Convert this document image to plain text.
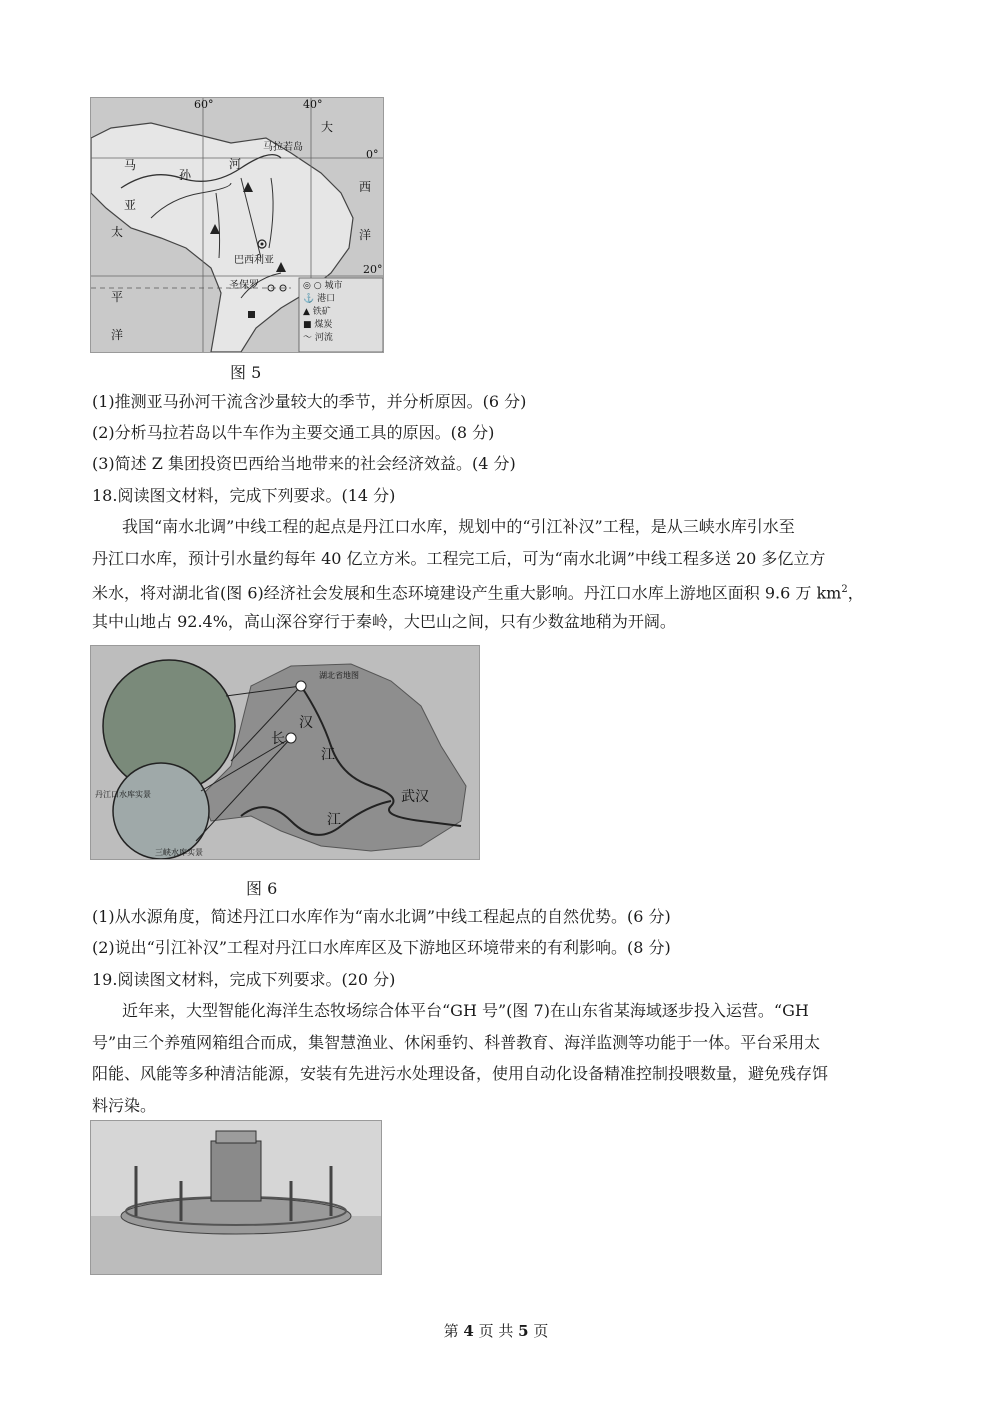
60°	40°
0°
20°
大
西
洋
太
平
洋
马
孙
河
亚
马拉若岛
巴西利亚
圣保罗	◎ ○ 城市
⚓ 港口
▲ 铁矿
■ 煤炭
〜 河流
图 5
(1)推测亚马孙河干流含沙量较大的季节，并分析原因。(6 分)
(2)分析马拉若岛以牛车作为主要交通工具的原因。(8 分)
(3)简述 Z 集团投资巴西给当地带来的社会经济效益。(4 分)
18.阅读图文材料，完成下列要求。(14 分)
我国“南水北调”中线工程的起点是丹江口水库，规划中的“引江补汉”工程，是从三峡水库引水至
丹江口水库，预计引水量约每年 40 亿立方米。工程完工后，可为“南水北调”中线工程多送 20 多亿立方
米水，将对湖北省(图 6)经济社会发展和生态环境建设产生重大影响。丹江口水库上游地区面积 9.6 万 $km^2$，
其中山地占 92.4%，高山深谷穿行于秦岭，大巴山之间，只有少数盆地稍为开阔。
湖北省地图
汉
江
长
江
武汉
丹江口水库实景
三峡水库实景
图 6
(1)从水源角度，简述丹江口水库作为“南水北调”中线工程起点的自然优势。(6 分)
(2)说出“引江补汉”工程对丹江口水库库区及下游地区环境带来的有利影响。(8 分)
19.阅读图文材料，完成下列要求。(20 分)
近年来，大型智能化海洋生态牧场综合体平台“GH 号”(图 7)在山东省某海域逐步投入运营。“GH
号”由三个养殖网箱组合而成，集智慧渔业、休闲垂钓、科普教育、海洋监测等功能于一体。平台采用太
阳能、风能等多种清洁能源，安装有先进污水处理设备，使用自动化设备精准控制投喂数量，避免残存饵
料污染。
第 4 页 共 5 页
